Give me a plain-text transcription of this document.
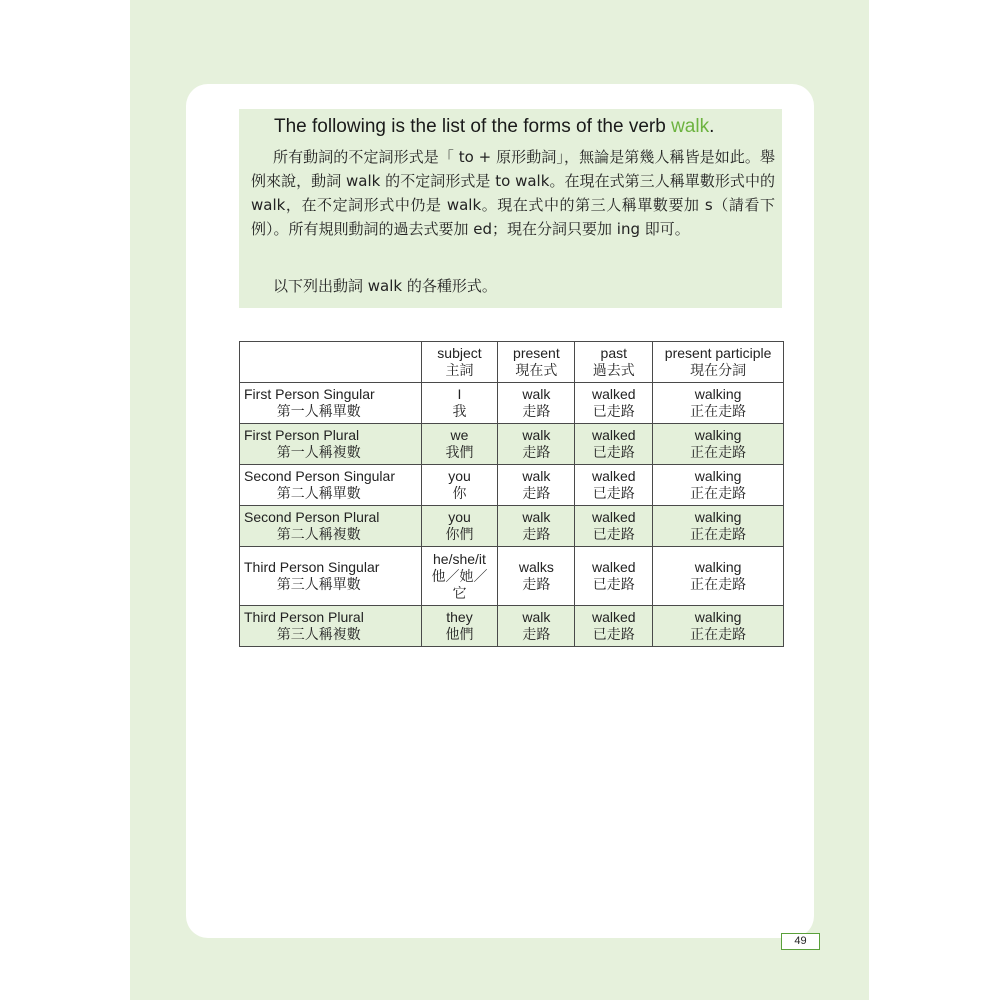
The following is the list of the forms of the verb walk.
所有動詞的不定詞形式是「 to + 原形動詞」，無論是第幾人稱皆是如此。舉例來說，動詞 walk 的不定詞形式是 to walk。在現在式第三人稱單數形式中的 walk，在不定詞形式中仍是 walk。現在式中的第三人稱單數要加 s（請看下例）。所有規則動詞的過去式要加 ed；現在分詞只要加 ing 即可。
以下列出動詞 walk 的各種形式。

	subject
主詞	present
現在式	past
過去式	present participle
現在分詞

First Person Singular
第一人稱單數	I
我	walk
走路	walked
已走路	walking
正在走路

First Person Plural
第一人稱複數	we
我們	walk
走路	walked
已走路	walking
正在走路

Second Person Singular
第二人稱單數	you
你	walk
走路	walked
已走路	walking
正在走路

Second Person Plural
第二人稱複數	you
你們	walk
走路	walked
已走路	walking
正在走路

Third Person Singular
第三人稱單數	he/she/it
他／她／它	walks
走路	walked
已走路	walking
正在走路

Third Person Plural
第三人稱複數	they
他們	walk
走路	walked
已走路	walking
正在走路
49
